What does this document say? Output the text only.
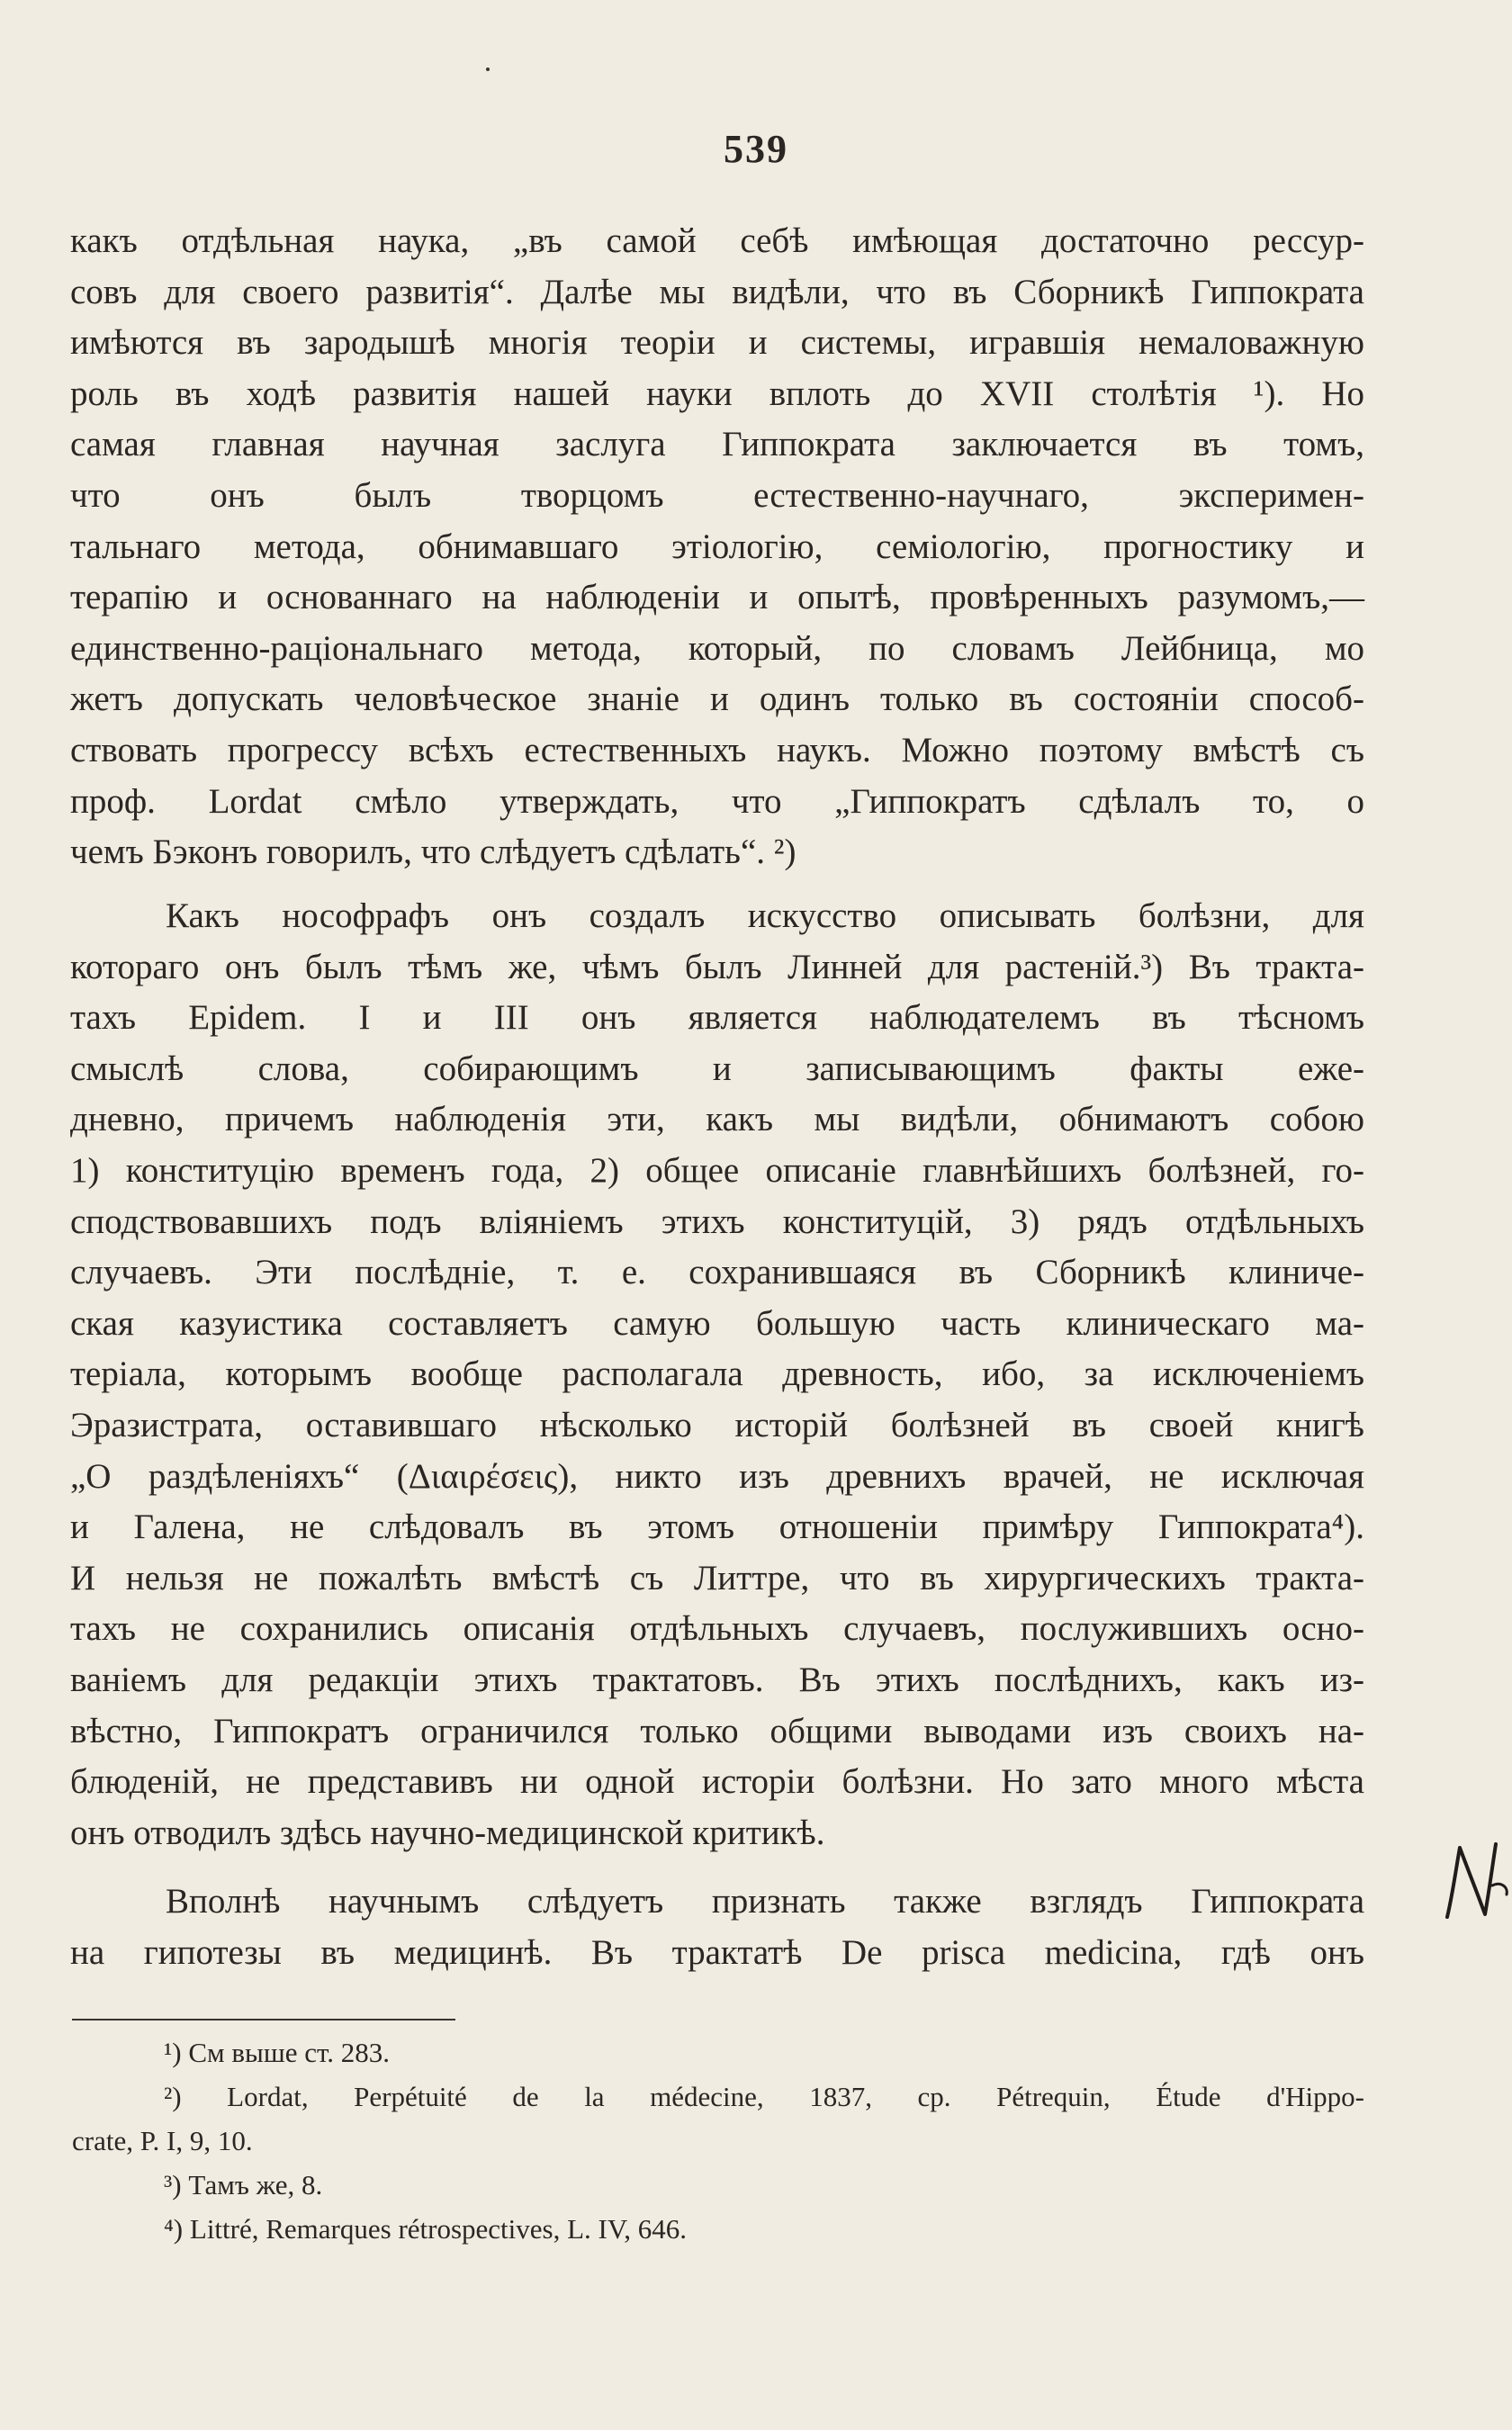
539
какъ отдѣльная наука, „въ самой себѣ имѣющая достаточно рессур-
совъ для своего развитія“. Далѣе мы видѣли, что въ Сборникѣ Гиппократа
имѣются въ зародышѣ многія теоріи и системы, игравшія немаловажную
роль въ ходѣ развитія нашей науки вплоть до XVII столѣтія ¹). Но
самая главная научная заслуга Гиппократа заключается въ томъ,
что онъ былъ творцомъ естественно-научнаго, эксперимен-
тальнаго метода, обнимавшаго этіологію, семіологію, прогностику и
терапію и основаннаго на наблюденіи и опытѣ, провѣренныхъ разумомъ,—
единственно-раціональнаго метода, который, по словамъ Лейбница, мо
жетъ допускать человѣческое знаніе и одинъ только въ состояніи способ-
ствовать прогрессу всѣхъ естественныхъ наукъ. Можно поэтому вмѣстѣ съ
проф. Lordat смѣло утверждать, что „Гиппократъ сдѣлалъ то, о
чемъ Бэконъ говорилъ, что слѣдуетъ сдѣлать“. ²)
Какъ нософрафъ онъ создалъ искусство описывать болѣзни, для
котораго онъ былъ тѣмъ же, чѣмъ былъ Линней для растеній.³) Въ тракта-
тахъ Epidem. I и III онъ является наблюдателемъ въ тѣсномъ
смыслѣ слова, собирающимъ и записывающимъ факты еже-
дневно, причемъ наблюденія эти, какъ мы видѣли, обнимаютъ собою
1) конституцію временъ года, 2) общее описаніе главнѣйшихъ болѣзней, го-
сподствовавшихъ подъ вліяніемъ этихъ конституцій, 3) рядъ отдѣльныхъ
случаевъ. Эти послѣдніе, т. е. сохранившаяся въ Сборникѣ клиниче-
ская казуистика составляетъ самую большую часть клиническаго ма-
теріала, которымъ вообще располагала древность, ибо, за исключеніемъ
Эразистрата, оставившаго нѣсколько исторій болѣзней въ своей книгѣ
„О раздѣленіяхъ“ (Διαιρέσεις), никто изъ древнихъ врачей, не исключая
и Галена, не слѣдовалъ въ этомъ отношеніи примѣру Гиппократа⁴).
И нельзя не пожалѣть вмѣстѣ съ Литтре, что въ хирургическихъ тракта-
тахъ не сохранились описанія отдѣльныхъ случаевъ, послужившихъ осно-
ваніемъ для редакціи этихъ трактатовъ. Въ этихъ послѣднихъ, какъ из-
вѣстно, Гиппократъ ограничился только общими выводами изъ своихъ на-
блюденій, не представивъ ни одной исторіи болѣзни. Но зато много мѣста
онъ отводилъ здѣсь научно-медицинской критикѣ.
Вполнѣ научнымъ слѣдуетъ признать также взглядъ Гиппократа
на гипотезы въ медицинѣ. Въ трактатѣ De prisca medicina, гдѣ онъ
¹) См выше ст. 283.
²) Lordat, Perpétuité de la médecine, 1837, cp. Pétrequin, Étude d'Hippo-
crate, P. I, 9, 10.
³) Тамъ же, 8.
⁴) Littré, Remarques rétrospectives, L. IV, 646.
